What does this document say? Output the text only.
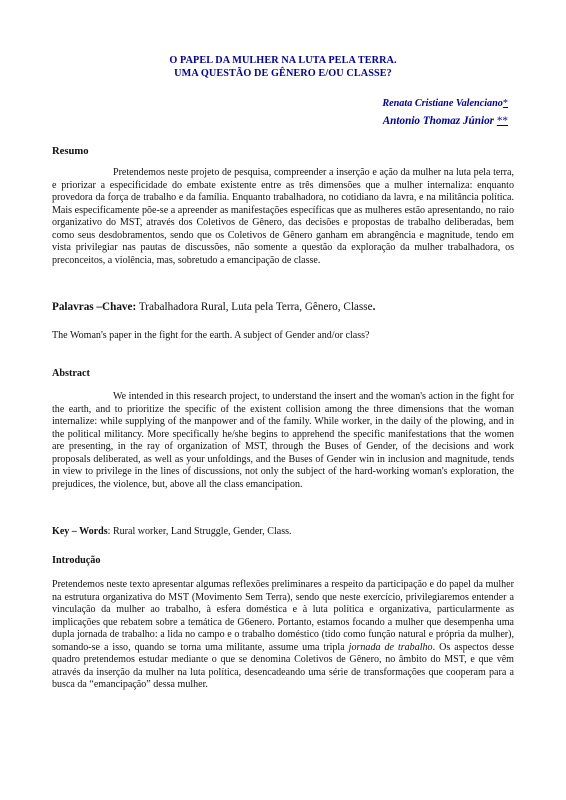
O PAPEL DA MULHER NA LUTA PELA TERRA.
UMA QUESTÃO DE GÊNERO E/OU CLASSE?
Renata Cristiane Valenciano*
Antonio Thomaz Júnior **
Resumo

Pretendemos neste projeto de pesquisa, compreender a inserção e ação da mulher na luta pela terra, e priorizar a especificidade do embate existente entre as três dimensões que a mulher internaliza: enquanto provedora da força de trabalho e da família. Enquanto trabalhadora, no cotidiano da lavra, e na militância política. Mais especificamente põe-se a apreender as manifestações específicas que as mulheres estão apresentando, no raio organizativo do MST, através dos Coletivos de Gênero, das decisões e propostas de trabalho deliberadas, bem como seus desdobramentos, sendo que os Coletivos de Gênero ganham em abrangência e magnitude, tendo em vista privilegiar nas pautas de discussões, não somente a questão da exploração da mulher trabalhadora, os preconceitos, a violência, mas, sobretudo a emancipação de classe.

Palavras –Chave: Trabalhadora Rural, Luta pela Terra, Gênero, Classe.

The Woman's paper in the fight for the earth. A subject of Gender and/or class?
Abstract

We intended in this research project, to understand the insert and the woman's action in the fight for the earth, and to prioritize the specific of the existent collision among the three dimensions that the woman internalize: while supplying of the manpower and of the family. While worker, in the daily of the plowing, and in the political militancy. More specifically he/she begins to apprehend the specific manifestations that the women are presenting, in the ray of organization of MST, through the Buses of Gender, of the decisions and work proposals deliberated, as well as your unfoldings, and the Buses of Gender win in inclusion and magnitude, tends in view to privilege in the lines of discussions, not only the subject of the hard-working woman's exploration, the prejudices, the violence, but, above all the class emancipation.

Key – Words: Rural worker, Land Struggle, Gender, Class.

Introdução

Pretendemos neste texto apresentar algumas reflexões preliminares a respeito da participação e do papel da mulher na estrutura organizativa do MST (Movimento Sem Terra), sendo que neste exercício, privilegiaremos entender a vinculação da mulher ao trabalho, à esfera doméstica e à luta política e organizativa, particularmente as implicações que rebatem sobre a temática de G6enero. Portanto, estamos focando a mulher que desempenha uma dupla jornada de trabalho: a lida no campo e o trabalho doméstico (tido como função natural e própria da mulher), somando-se a isso, quando se torna uma militante, assume uma tripla jornada de trabalho. Os aspectos desse quadro pretendemos estudar mediante o que se denomina Coletivos de Gênero, no âmbito do MST, e que vêm através da inserção da mulher na luta política, desencadeando uma série de transformações que cooperam para a busca da “emancipação” dessa mulher.
